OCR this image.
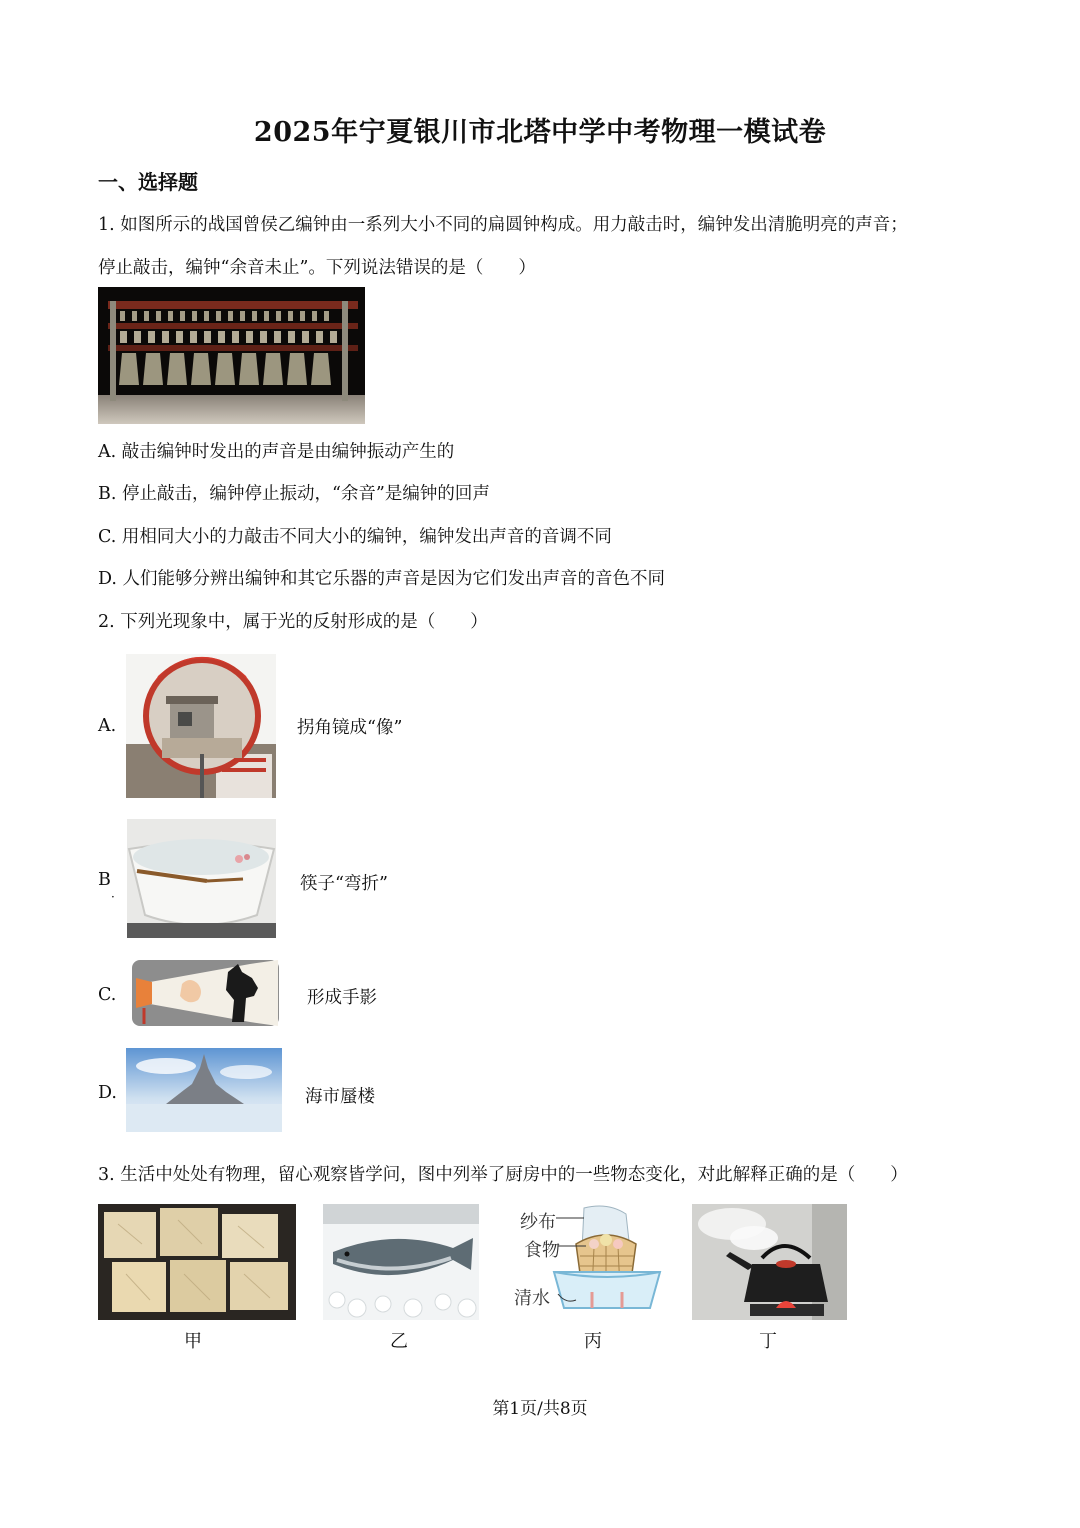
2025年宁夏银川市北塔中学中考物理一模试卷
一、选择题
1. 如图所示的战国曾侯乙编钟由一系列大小不同的扁圆钟构成。用力敲击时，编钟发出清脆明亮的声音；
停止敲击，编钟“余音未止”。下列说法错误的是（　　）
A. 敲击编钟时发出的声音是由编钟振动产生的
B. 停止敲击，编钟停止振动，“余音”是编钟的回声
C. 用相同大小的力敲击不同大小的编钟，编钟发出声音的音调不同
D. 人们能够分辨出编钟和其它乐器的声音是因为它们发出声音的音色不同
2. 下列光现象中，属于光的反射形成的是（　　）
A.	拐角镜成“像”
B
·
筷子“弯折”
C.	形成手影
D.	海市蜃楼
3. 生活中处处有物理，留心观察皆学问，图中列举了厨房中的一些物态变化，对此解释正确的是（　　）
甲	乙
纱布
食物
清水
丙	丁
第1页/共8页
